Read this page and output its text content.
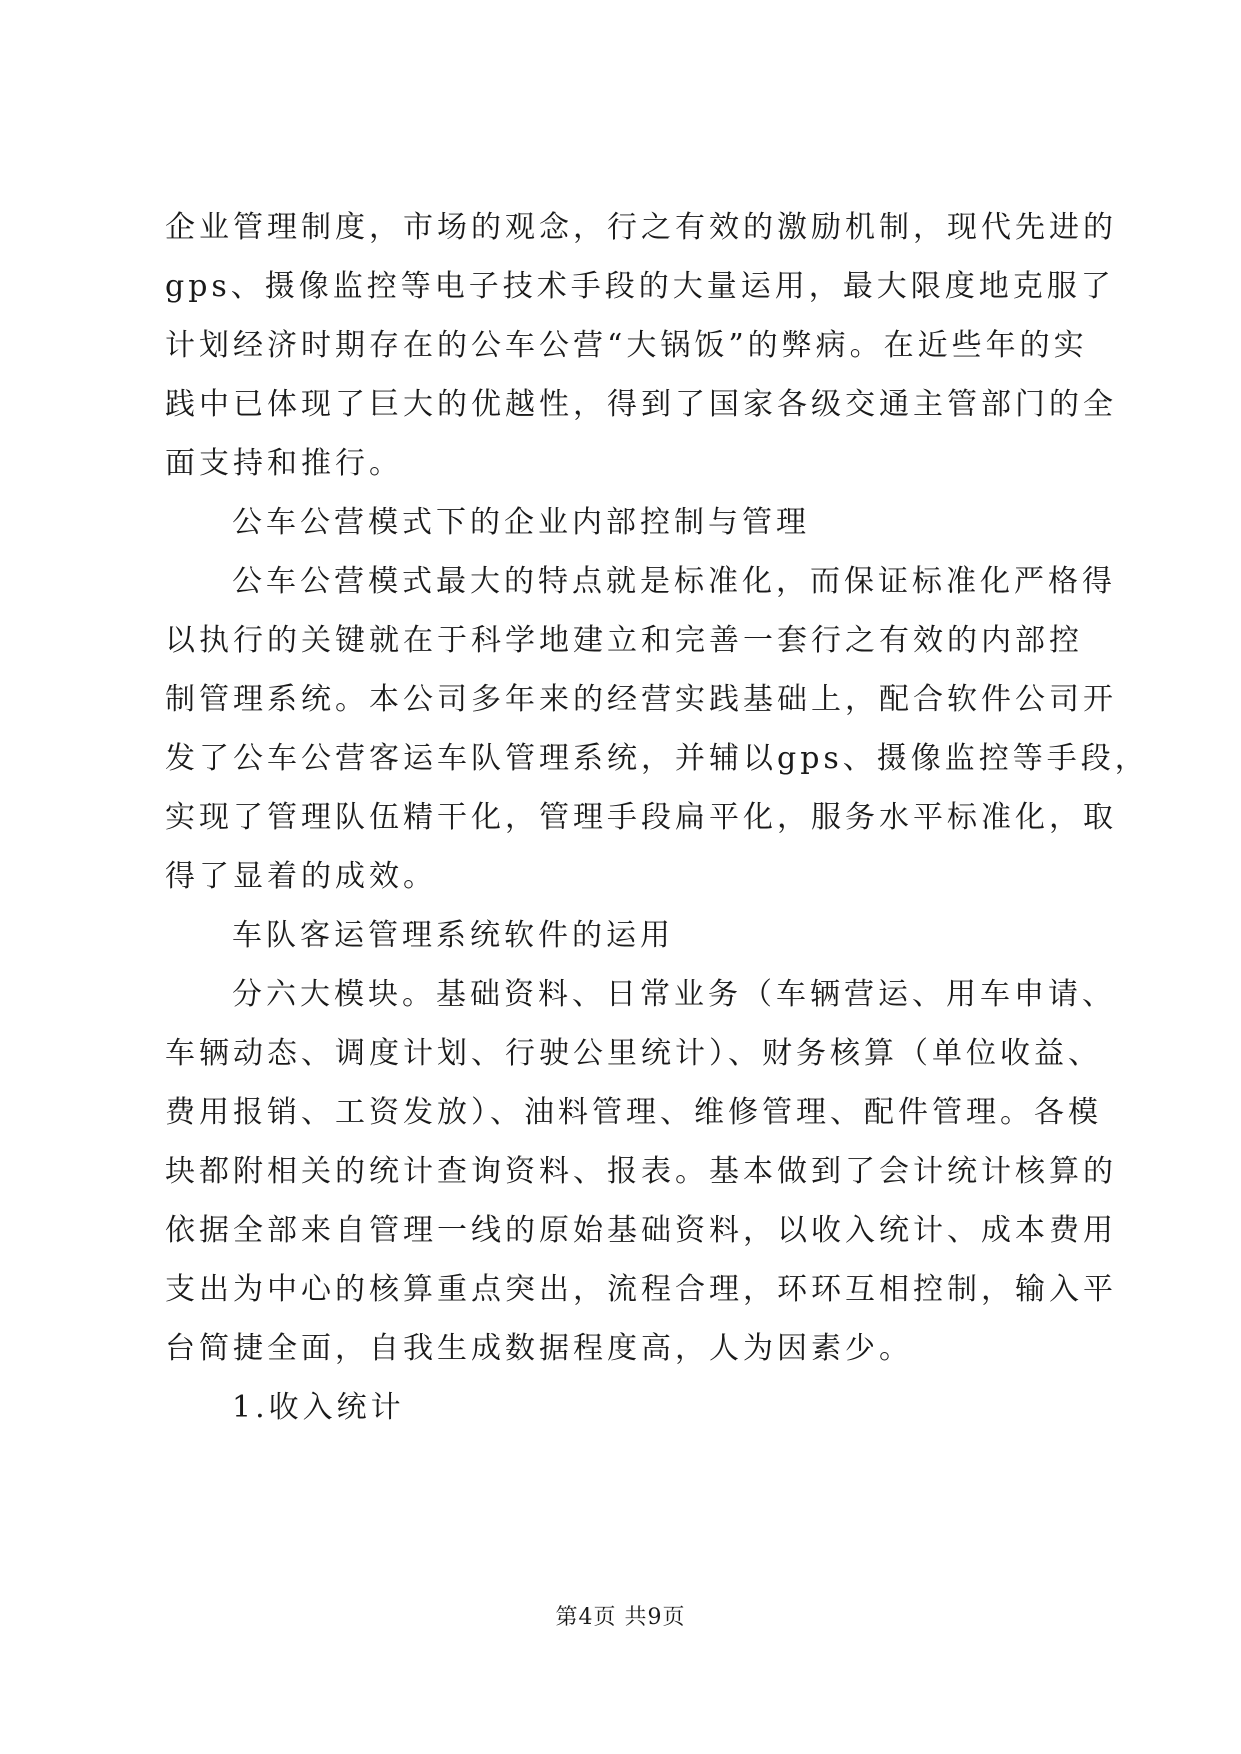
企业管理制度，市场的观念，行之有效的激励机制，现代先进的
gps、摄像监控等电子技术手段的大量运用，最大限度地克服了
计划经济时期存在的公车公营“大锅饭”的弊病。在近些年的实
践中已体现了巨大的优越性，得到了国家各级交通主管部门的全
面支持和推行。
公车公营模式下的企业内部控制与管理
公车公营模式最大的特点就是标准化，而保证标准化严格得
以执行的关键就在于科学地建立和完善一套行之有效的内部控
制管理系统。本公司多年来的经营实践基础上，配合软件公司开
发了公车公营客运车队管理系统，并辅以gps、摄像监控等手段，
实现了管理队伍精干化，管理手段扁平化，服务水平标准化，取
得了显着的成效。
车队客运管理系统软件的运用
分六大模块。基础资料、日常业务（车辆营运、用车申请、
车辆动态、调度计划、行驶公里统计）、财务核算（单位收益、
费用报销、工资发放）、油料管理、维修管理、配件管理。各模
块都附相关的统计查询资料、报表。基本做到了会计统计核算的
依据全部来自管理一线的原始基础资料，以收入统计、成本费用
支出为中心的核算重点突出，流程合理，环环互相控制，输入平
台简捷全面，自我生成数据程度高，人为因素少。
1.收入统计
第4页 共9页
